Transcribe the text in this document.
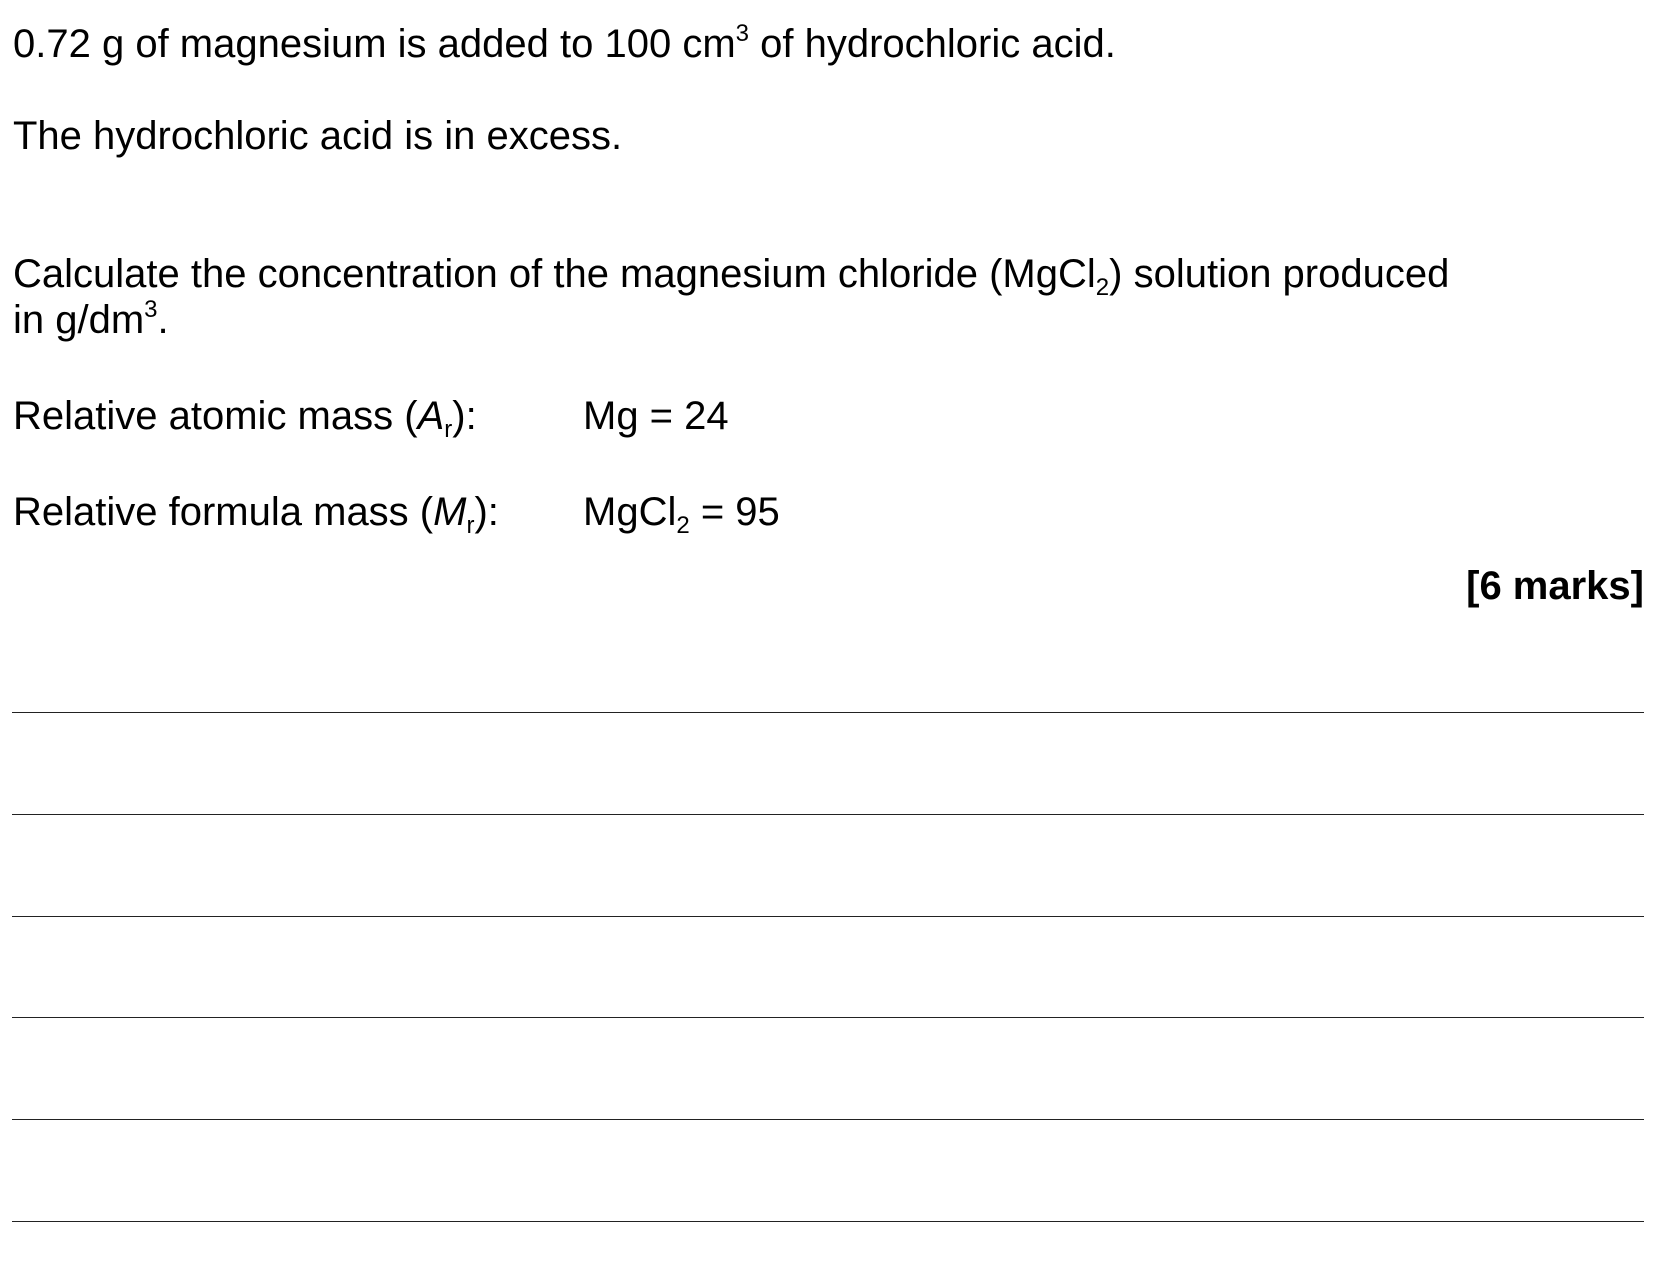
0.72 g of magnesium is added to 100 $cm^3$ of hydrochloric acid.

The hydrochloric acid is in excess.

Calculate the concentration of the magnesium chloride (MgCl$_2$) solution produced

in $g/dm^3$.

Relative atomic mass $(A_r)$:	Mg = 24

Relative formula mass $(M_r)$: MgCl$_2$ = 95

[6 marks]
